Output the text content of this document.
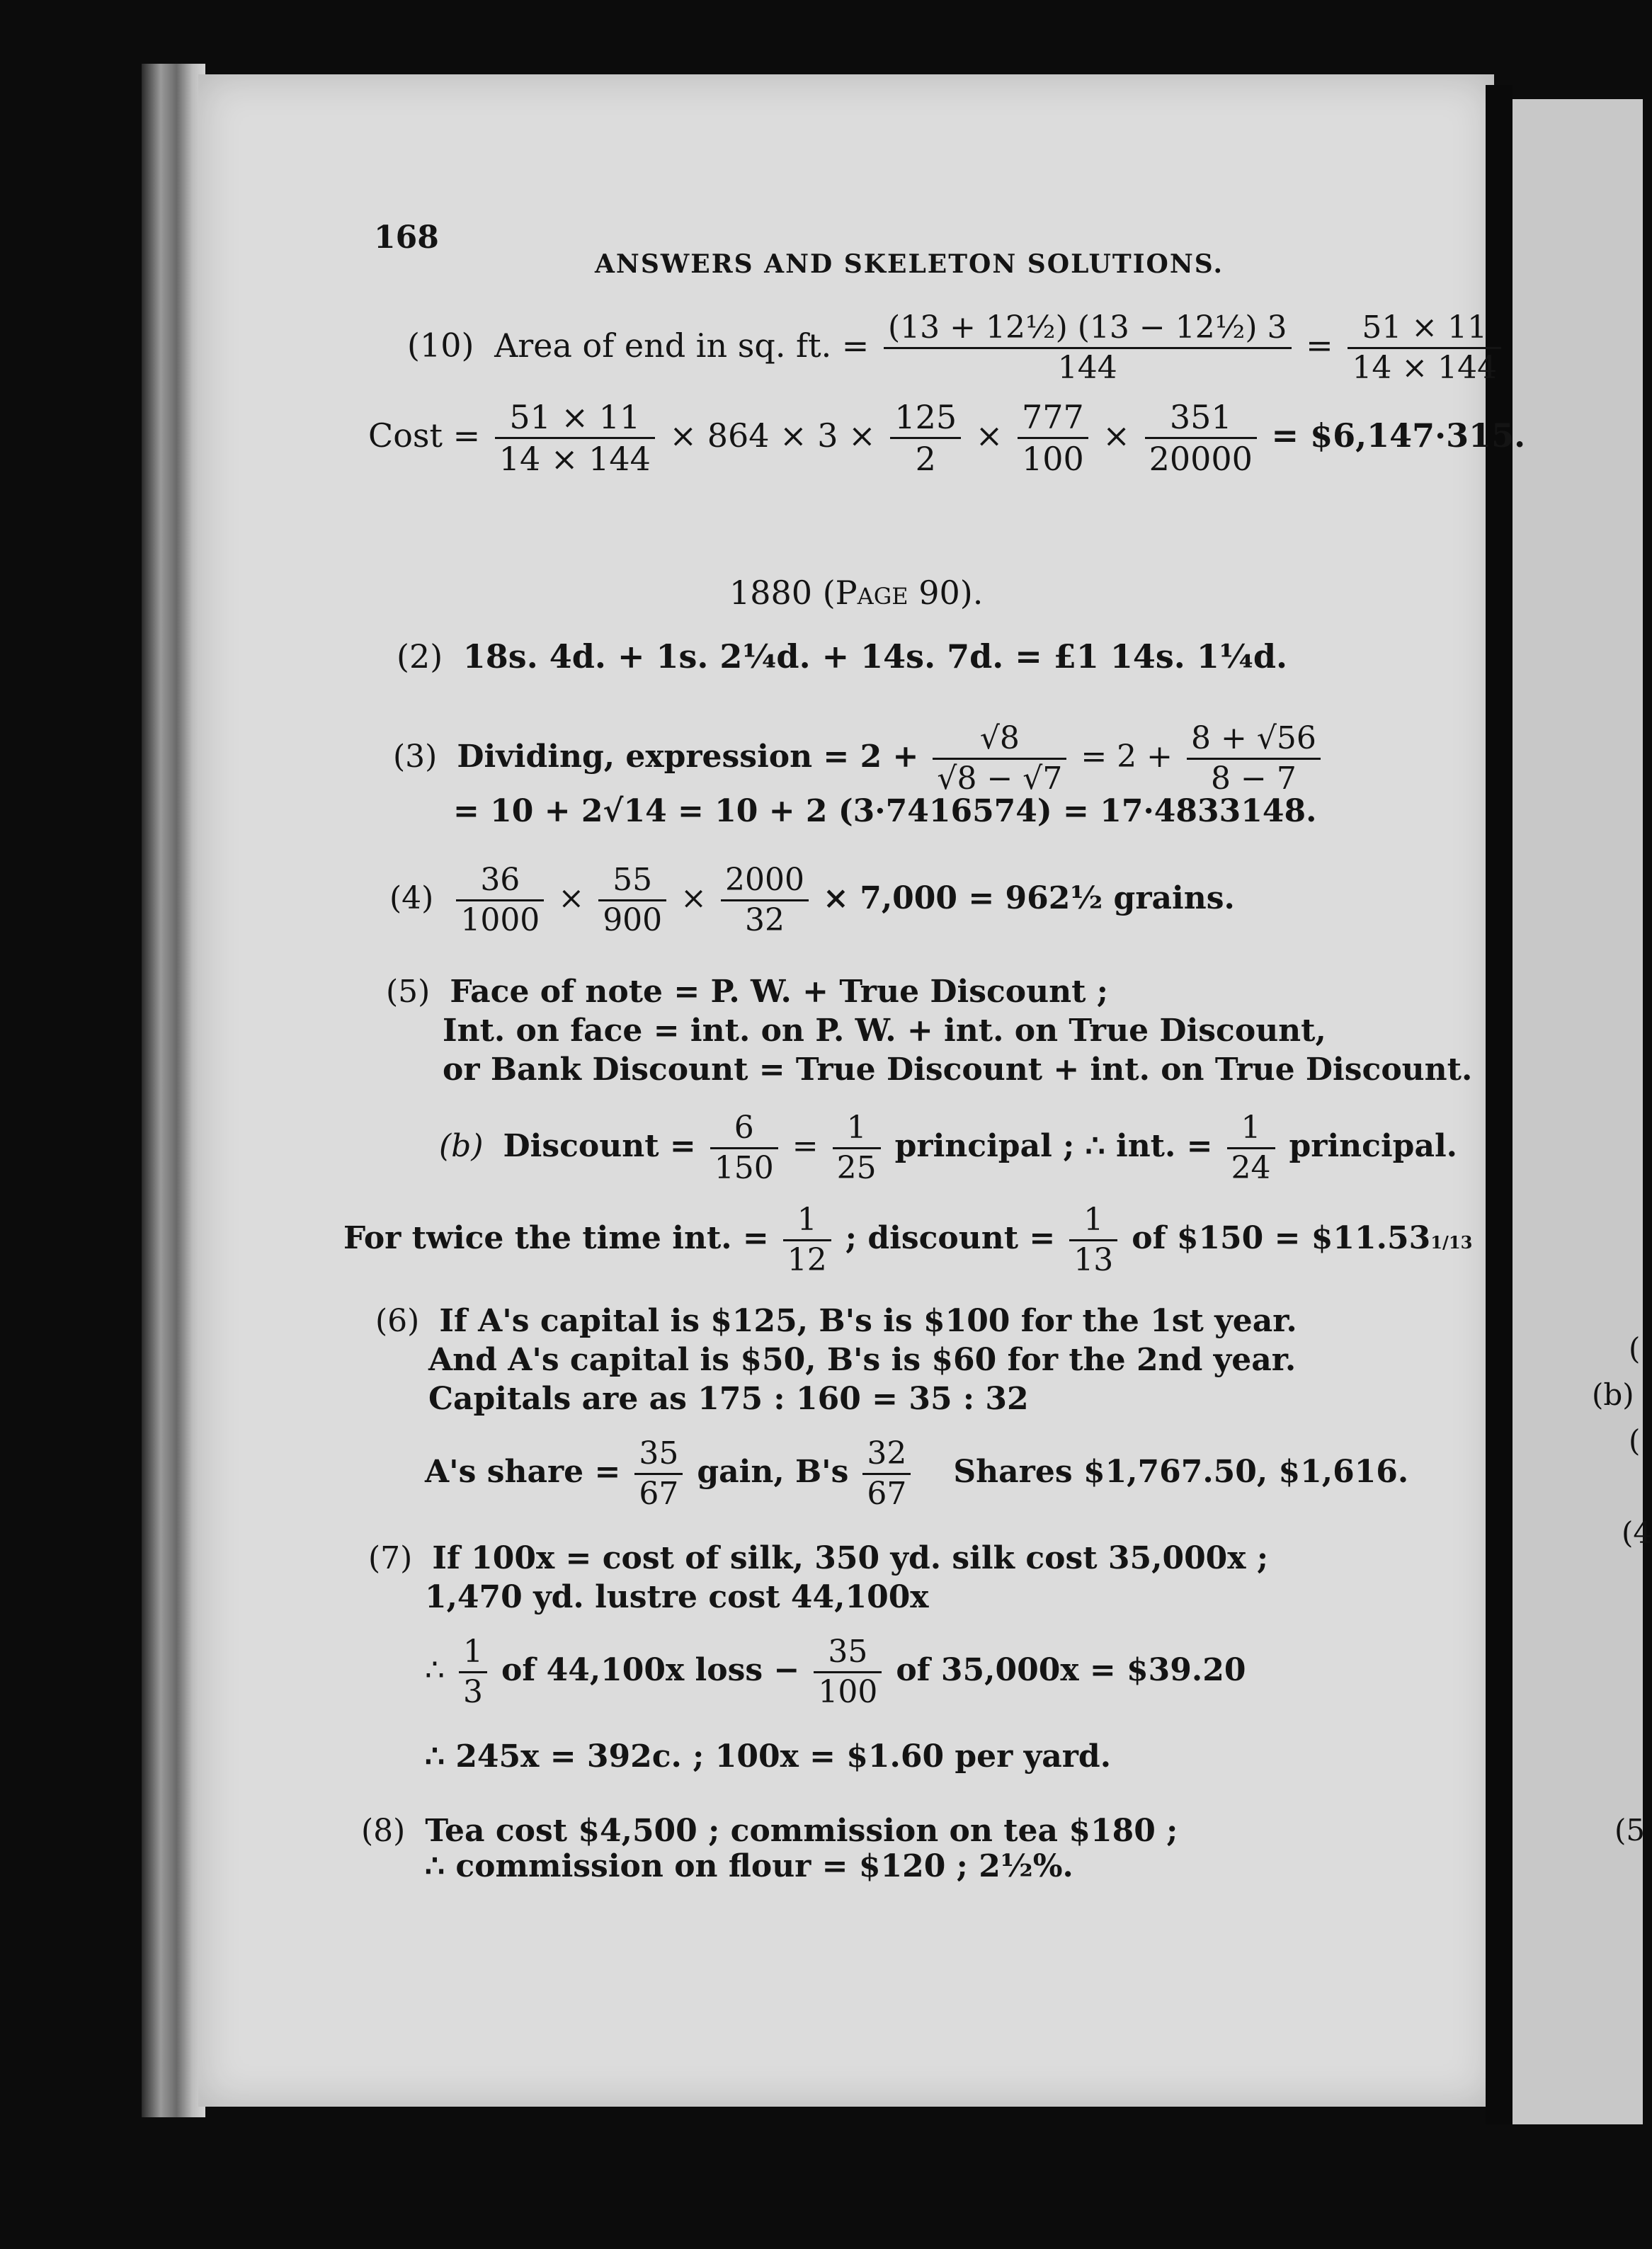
(
(b)
(
(4
(5
168
ANSWERS AND SKELETON SOLUTIONS.
(10) Area of end in sq. ft. = $\frac{\text{(13 + 12½) (13 − 12½) 3}}{144} = \frac{51 \times 11}{14 \times 144}$
Cost = $\frac{51 \times 11}{14 \times 144} \times 864 \times 3 \times \frac{125}{2} \times \frac{777}{100} \times \frac{351}{20000}$ = $6,147·315.
1880 (Page 90).
(2) 18s. 4d. + 1s. 2¼d. + 14s. 7d. = £1 14s. 1¼d.
(3) Dividing, expression = $2 + \frac{√8}{√8 - √7} = 2 + \frac{8 + √56}{8 - 7}$
= 10 + 2√14 = 10 + 2 (3·7416574) = 17·4833148.
$(4) \frac{36}{1000} \times \frac{55}{900} \times \frac{2000}{32} \times 7,000$ = 962½ grains.
(5) Face of note = P. W. + True Discount ;
Int. on face = int. on P. W. + int. on True Discount,
or Bank Discount = True Discount + int. on True Discount.
(b) Discount = $\frac{6}{150} = \frac{1}{25}$ principal ; ∴ int. = $\frac{1}{24}$ principal.
For twice the time int. = $\frac{1}{12}$ ; discount = $\frac{1}{13}$ of $150 = $11.531/13
(6) If A's capital is $125, B's is $100 for the 1st year.
And A's capital is $50, B's is $60 for the 2nd year.
Capitals are as 175 : 160 = 35 : 32
A's share = $\frac{35}{67}$ gain, $B's \frac{32}{67}$ Shares $1,767.50, $1,616.
(7) If 100x = cost of silk, 350 yd. silk cost 35,000x ;
1,470 yd. lustre cost 44,100x
∴ $\frac{1}{3}$ of 44,100x loss − $\frac{35}{100}$ of 35,000x = $39.20
∴ 245x = 392c. ; 100x = $1.60 per yard.
(8) Tea cost $4,500 ; commission on tea $180 ;
∴ commission on flour = $120 ; 2½%.
